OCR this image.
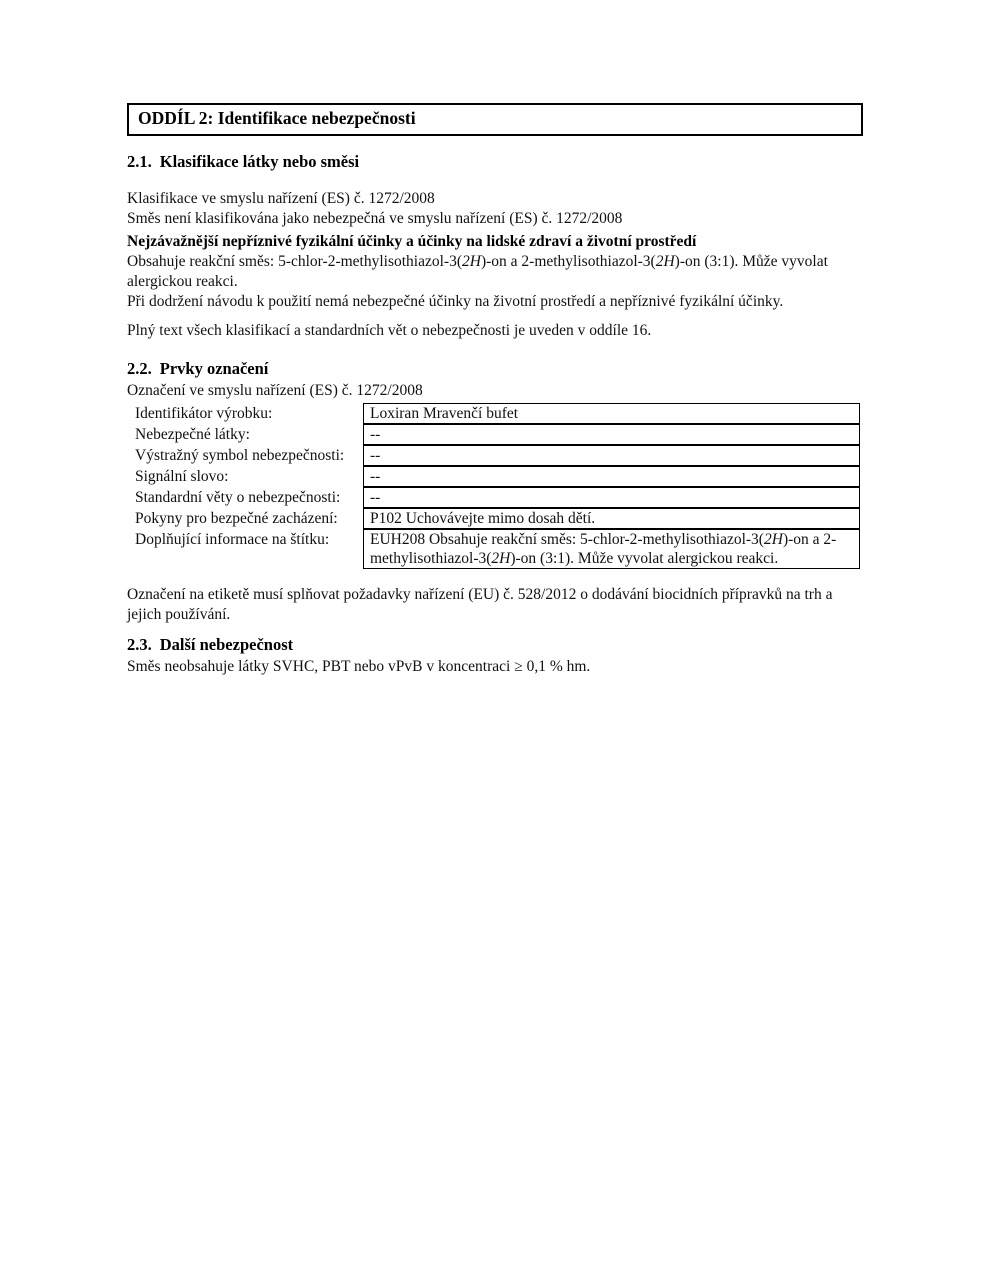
ODDÍL 2: Identifikace nebezpečnosti
2.1. Klasifikace látky nebo směsi
Klasifikace ve smyslu nařízení (ES) č. 1272/2008
Směs není klasifikována jako nebezpečná ve smyslu nařízení (ES) č. 1272/2008
Nejzávažnější nepříznivé fyzikální účinky a účinky na lidské zdraví a životní prostředí
Obsahuje reakční směs: 5-chlor-2-methylisothiazol-3(2H)-on a 2-methylisothiazol-3(2H)-on (3:1). Může vyvolat alergickou reakci.
Při dodržení návodu k použití nemá nebezpečné účinky na životní prostředí a nepříznivé fyzikální účinky.
Plný text všech klasifikací a standardních vět o nebezpečnosti je uveden v oddíle 16.
2.2. Prvky označení
Označení ve smyslu nařízení (ES) č. 1272/2008
Identifikátor výrobku:	Loxiran Mravenčí bufet
Nebezpečné látky:	--
Výstražný symbol nebezpečnosti:	--
Signální slovo:	--
Standardní věty o nebezpečnosti:	--
Pokyny pro bezpečné zacházení:	P102 Uchovávejte mimo dosah dětí.
Doplňující informace na štítku:	EUH208 Obsahuje reakční směs: 5-chlor-2-methylisothiazol-3(2H)-on a 2-methylisothiazol-3(2H)-on (3:1). Může vyvolat alergickou reakci.
Označení na etiketě musí splňovat požadavky nařízení (EU) č. 528/2012 o dodávání biocidních přípravků na trh a jejich používání.
2.3. Další nebezpečnost
Směs neobsahuje látky SVHC, PBT nebo vPvB v koncentraci ≥ 0,1 % hm.
